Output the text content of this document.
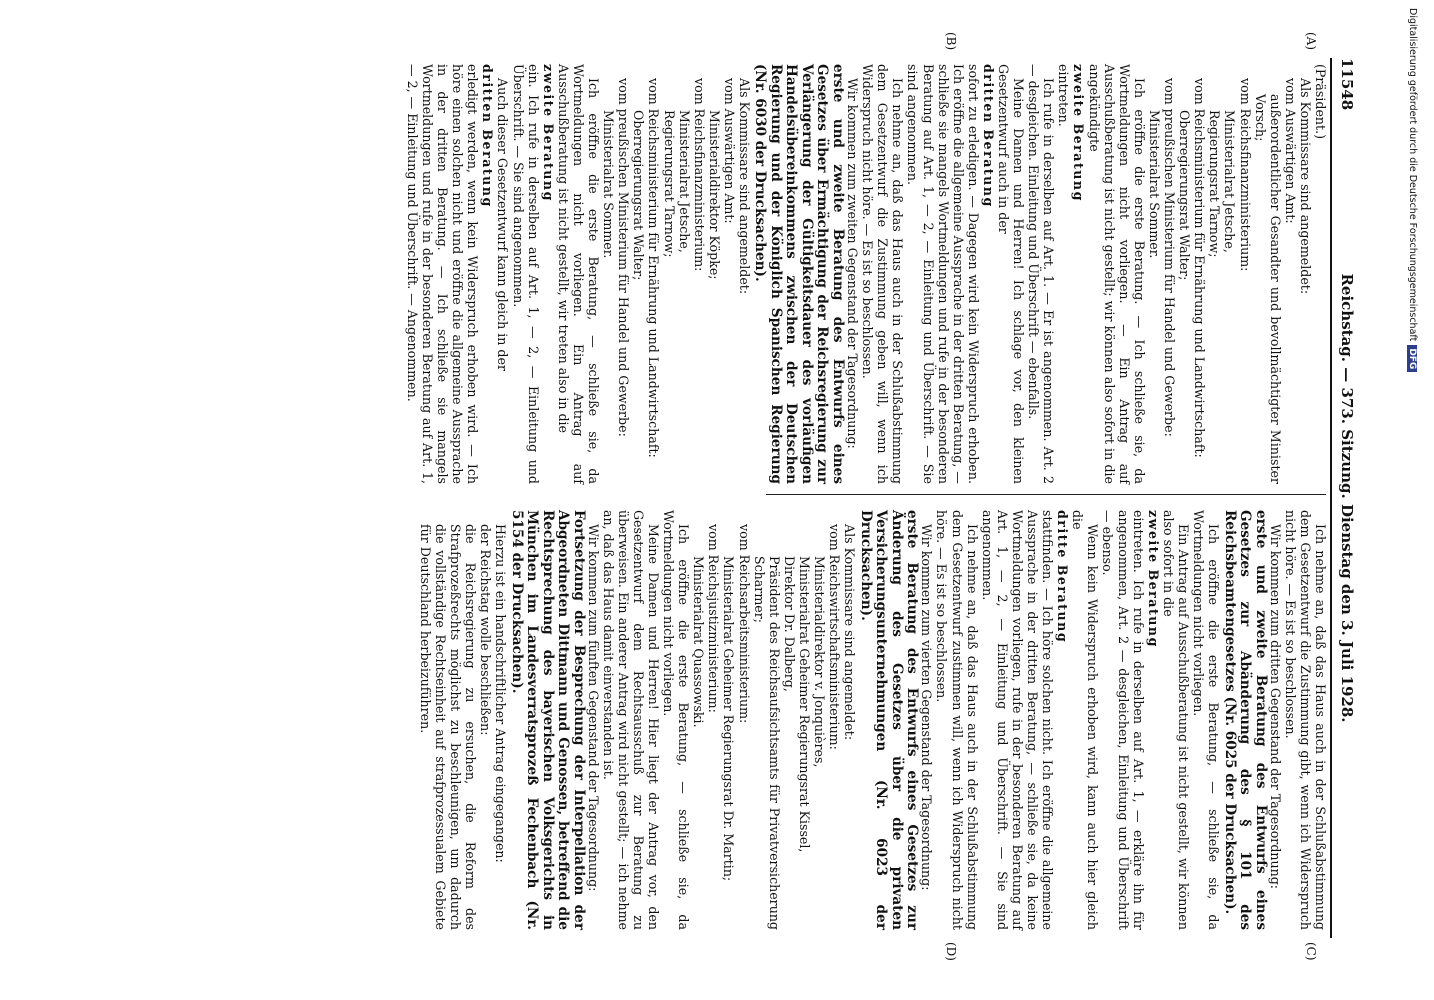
11548
Reichstag. — 373. Sitzung. Dienstag den 3. Juli 1928.

(Präsident.)

Als Kommissare sind angemeldet:

vom Auswärtigen Amt:

außerordentlicher Gesandter und bevollmächtigter Minister Vorsch;

vom Reichsfinanzministerium:

Ministerialrat Jetsche,

Regierungsrat Tarnow;

vom Reichsministerium für Ernährung und Landwirtschaft:

Oberregierungsrat Walter;

vom preußischen Ministerium für Handel und Gewerbe:

Ministerialrat Sommer.

Ich eröffne die erste Beratung. — Ich schließe sie, da Wortmeldungen nicht vorliegen. — Ein Antrag auf Ausschußberatung ist nicht gestellt; wir können also sofort in die angekündigte

zweite Beratung

eintreten.

Ich rufe in derselben auf Art. 1. — Er ist angenommen. Art. 2 — desgleichen. Einleitung und Überschrift — ebenfalls.

Meine Damen und Herren! Ich schlage vor, den kleinen Gesetzentwurf auch in der

dritten Beratung

sofort zu erledigen. — Dagegen wird kein Widerspruch erhoben. Ich eröffne die allgemeine Aussprache in der dritten Beratung, — schließe sie mangels Wortmeldungen und rufe in der besonderen Beratung auf Art. 1, — 2, — Einleitung und Überschrift. — Sie sind angenommen.

Ich nehme an, daß das Haus auch in der Schlußabstimmung dem Gesetzentwurf die Zustimmung geben will, wenn ich Widerspruch nicht höre. — Es ist so beschlossen.

Wir kommen zum zweiten Gegenstand der Tagesordnung:

erste und zweite Beratung des Entwurfs eines Gesetzes über Ermächtigung der Reichsregierung zur Verlängerung der Gültigkeitsdauer des vorläufigen Handelsübereinkommens zwischen der Deutschen Regierung und der Königlich Spanischen Regierung (Nr. 6030 der Drucksachen).

Als Kommissare sind angemeldet:

vom Auswärtigen Amt:

Ministerialdirektor Köpke;

vom Reichsfinanzministerium:

Ministerialrat Jetsche,

Regierungsrat Tarnow;

vom Reichsministerium für Ernährung und Landwirtschaft:

Oberregierungsrat Walter;

vom preußischen Ministerium für Handel und Gewerbe:

Ministerialrat Sommer.

Ich eröffne die erste Beratung, — schließe sie, da Wortmeldungen nicht vorliegen. Ein Antrag auf Ausschußberatung ist nicht gestellt, wir treten also in die

zweite Beratung

ein. Ich rufe in derselben auf Art. 1, — 2, — Einleitung und Überschrift. — Sie sind angenommen.

Auch dieser Gesetzentwurf kann gleich in der

dritten Beratung

erledigt werden, wenn kein Widerspruch erhoben wird. — Ich höre einen solchen nicht und eröffne die allgemeine Aussprache in der dritten Beratung. — Ich schließe sie mangels Wortmeldungen und rufe in der besonderen Beratung auf Art. 1, — 2, — Einleitung und Überschrift. — Angenommen.

Ich nehme an, daß das Haus auch in der Schlußabstimmung dem Gesetzentwurf die Zustimmung gibt, wenn ich Widerspruch nicht höre. — Es ist so beschlossen.

Wir kommen zum dritten Gegenstand der Tagesordnung:

erste und zweite Beratung des Entwurfs eines Gesetzes zur Abänderung des § 101 des Reichsbeamtengesetzes (Nr. 6025 der Drucksachen).

Ich eröffne die erste Beratung, — schließe sie, da Wortmeldungen nicht vorliegen.

Ein Antrag auf Ausschußberatung ist nicht gestellt, wir können also sofort in die

zweite Beratung

eintreten. Ich rufe in derselben auf Art. 1, — erkläre ihn für angenommen, Art. 2 — desgleichen, Einleitung und Überschrift — ebenso.

Wenn kein Widerspruch erhoben wird, kann auch hier gleich die

dritte Beratung

stattfinden. — Ich höre solchen nicht. Ich eröffne die allgemeine Aussprache in der dritten Beratung, — schließe sie, da keine Wortmeldungen vorliegen, rufe in der besonderen Beratung auf Art. 1, — 2, — Einleitung und Überschrift. — Sie sind angenommen.

Ich nehme an, daß das Haus auch in der Schlußabstimmung dem Gesetzentwurf zustimmen will, wenn ich Widerspruch nicht höre. — Es ist so beschlossen.

Wir kommen zum vierten Gegenstand der Tagesordnung:

erste Beratung des Entwurfs eines Gesetzes zur Änderung des Gesetzes über die privaten Versicherungsunternehmungen (Nr. 6023 der Drucksachen).

Als Kommissare sind angemeldet:

vom Reichswirtschaftsministerium:

Ministerialdirektor v. Jonquières,

Ministerialrat Geheimer Regierungsrat Kissel,

Direktor Dr. Dalberg,

Präsident des Reichsaufsichtsamts für Privatversicherung Scharmer;

vom Reichsarbeitsministerium:

Ministerialrat Geheimer Regierungsrat Dr. Martin;

vom Reichsjustizministerium:

Ministerialrat Quassowski.

Ich eröffne die erste Beratung, — schließe sie, da Wortmeldungen nicht vorliegen.

Meine Damen und Herren! Hier liegt der Antrag vor, den Gesetzentwurf dem Rechtsausschuß zur Beratung zu überweisen. Ein anderer Antrag wird nicht gestellt; — ich nehme an, daß das Haus damit einverstanden ist.

Wir kommen zum fünften Gegenstand der Tagesordnung:

Fortsetzung der Besprechung der Interpellation der Abgeordneten Dittmann und Genossen, betreffend die Rechtsprechung des bayerischen Volksgerichts in München im Landesverratsprozeß Fechenbach (Nr. 5154 der Drucksachen).

Hierzu ist ein handschriftlicher Antrag eingegangen:

der Reichstag wolle beschließen:

die Reichsregierung zu ersuchen, die Reform des Strafprozeßrechts möglichst zu beschleunigen, um dadurch die vollständige Rechtseinheit auf strafprozessualem Gebiete für Deutschland herbeizuführen.

(A)
(B)
(C)
(D)
Digitalisierung gefördert durch die Deutsche ForschungsgemeinschaftDFG
